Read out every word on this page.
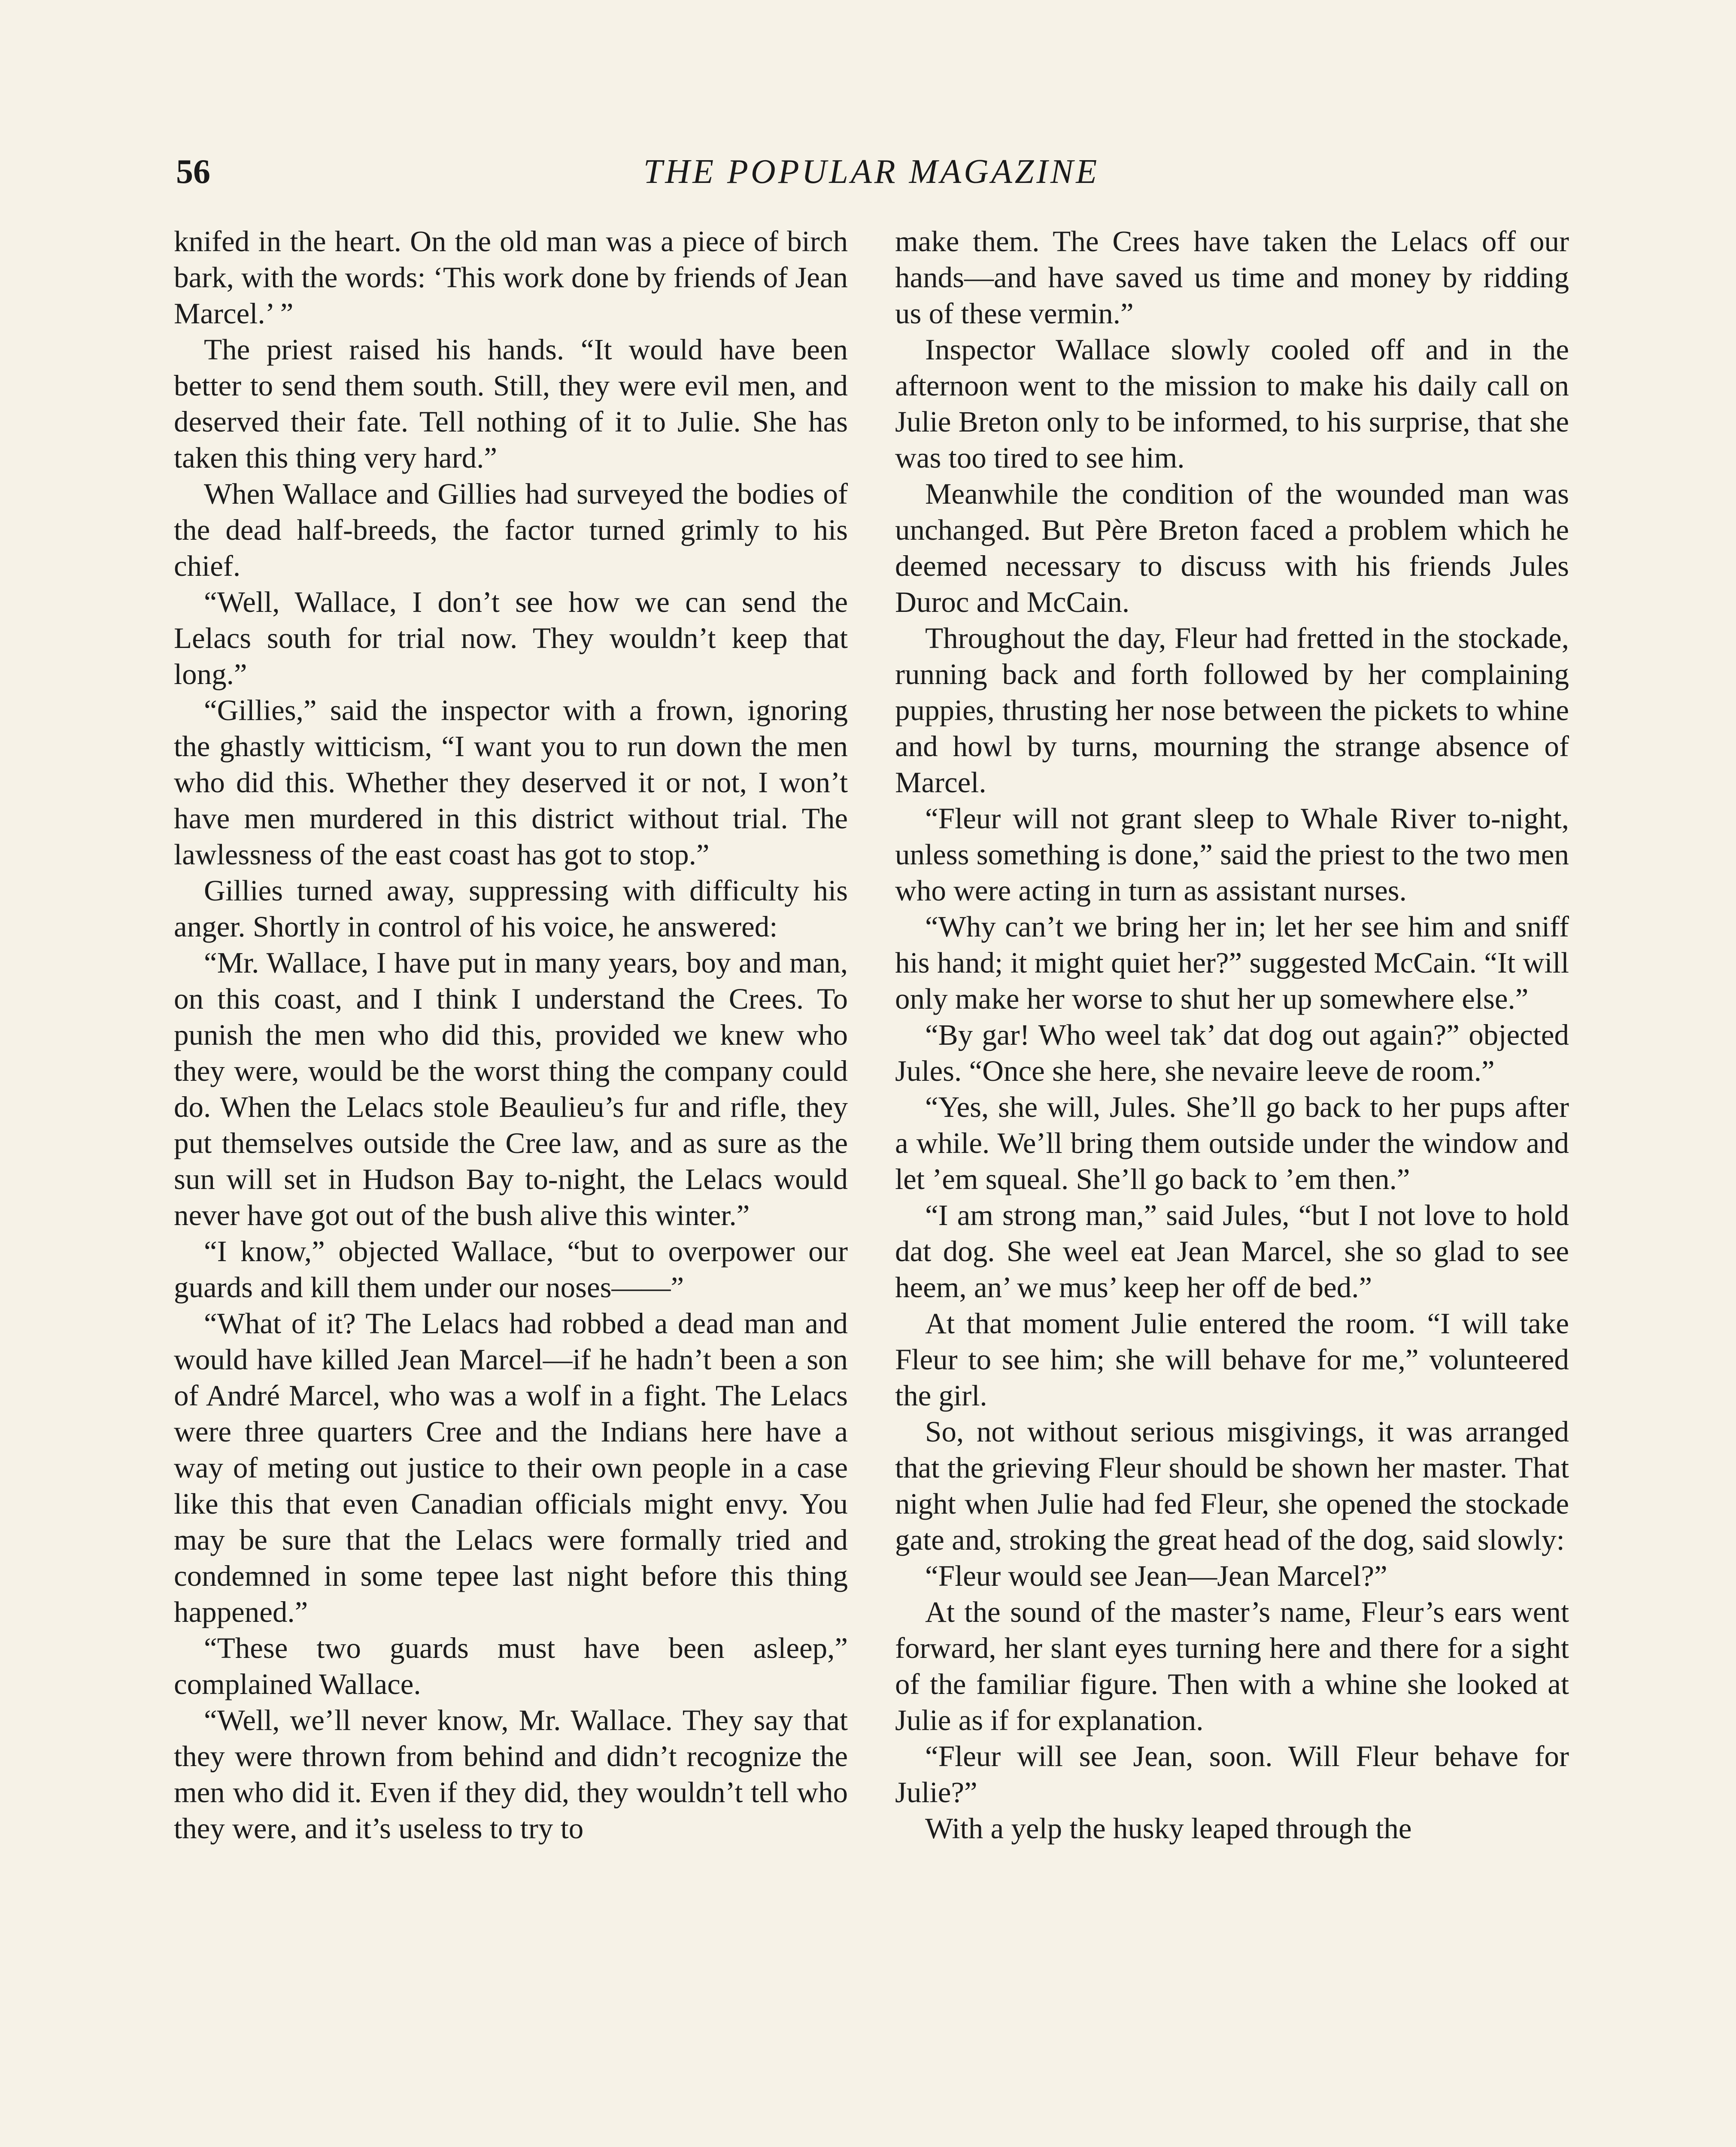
56	THE POPULAR MAGAZINE

knifed in the heart. On the old man was a piece of birch bark, with the words: ‘This work done by friends of Jean Marcel.’ ”

The priest raised his hands. “It would have been better to send them south. Still, they were evil men, and deserved their fate. Tell nothing of it to Julie. She has taken this thing very hard.”

When Wallace and Gillies had surveyed the bodies of the dead half-breeds, the factor turned grimly to his chief.

“Well, Wallace, I don’t see how we can send the Lelacs south for trial now. They wouldn’t keep that long.”

“Gillies,” said the inspector with a frown, ignoring the ghastly witticism, “I want you to run down the men who did this. Whether they deserved it or not, I won’t have men murdered in this district without trial. The lawlessness of the east coast has got to stop.”

Gillies turned away, suppressing with difficulty his anger. Shortly in control of his voice, he answered:

“Mr. Wallace, I have put in many years, boy and man, on this coast, and I think I understand the Crees. To punish the men who did this, provided we knew who they were, would be the worst thing the company could do. When the Lelacs stole Beaulieu’s fur and rifle, they put themselves outside the Cree law, and as sure as the sun will set in Hudson Bay to-night, the Lelacs would never have got out of the bush alive this winter.”

“I know,” objected Wallace, “but to overpower our guards and kill them under our noses——”

“What of it? The Lelacs had robbed a dead man and would have killed Jean Marcel—if he hadn’t been a son of André Marcel, who was a wolf in a fight. The Lelacs were three quarters Cree and the Indians here have a way of meting out justice to their own people in a case like this that even Canadian officials might envy. You may be sure that the Lelacs were formally tried and condemned in some tepee last night before this thing happened.”

“These two guards must have been asleep,” complained Wallace.

“Well, we’ll never know, Mr. Wallace. They say that they were thrown from behind and didn’t recognize the men who did it. Even if they did, they wouldn’t tell who they were, and it’s useless to try to

make them. The Crees have taken the Lelacs off our hands—and have saved us time and money by ridding us of these vermin.”

Inspector Wallace slowly cooled off and in the afternoon went to the mission to make his daily call on Julie Breton only to be informed, to his surprise, that she was too tired to see him.

Meanwhile the condition of the wounded man was unchanged. But Père Breton faced a problem which he deemed necessary to discuss with his friends Jules Duroc and McCain.

Throughout the day, Fleur had fretted in the stockade, running back and forth followed by her complaining puppies, thrusting her nose between the pickets to whine and howl by turns, mourning the strange absence of Marcel.

“Fleur will not grant sleep to Whale River to-night, unless something is done,” said the priest to the two men who were acting in turn as assistant nurses.

“Why can’t we bring her in; let her see him and sniff his hand; it might quiet her?” suggested McCain. “It will only make her worse to shut her up somewhere else.”

“By gar! Who weel tak’ dat dog out again?” objected Jules. “Once she here, she nevaire leeve de room.”

“Yes, she will, Jules. She’ll go back to her pups after a while. We’ll bring them outside under the window and let ’em squeal. She’ll go back to ’em then.”

“I am strong man,” said Jules, “but I not love to hold dat dog. She weel eat Jean Marcel, she so glad to see heem, an’ we mus’ keep her off de bed.”

At that moment Julie entered the room. “I will take Fleur to see him; she will behave for me,” volunteered the girl.

So, not without serious misgivings, it was arranged that the grieving Fleur should be shown her master. That night when Julie had fed Fleur, she opened the stockade gate and, stroking the great head of the dog, said slowly:

“Fleur would see Jean—Jean Marcel?”

At the sound of the master’s name, Fleur’s ears went forward, her slant eyes turning here and there for a sight of the familiar figure. Then with a whine she looked at Julie as if for explanation.

“Fleur will see Jean, soon. Will Fleur behave for Julie?”

With a yelp the husky leaped through the
